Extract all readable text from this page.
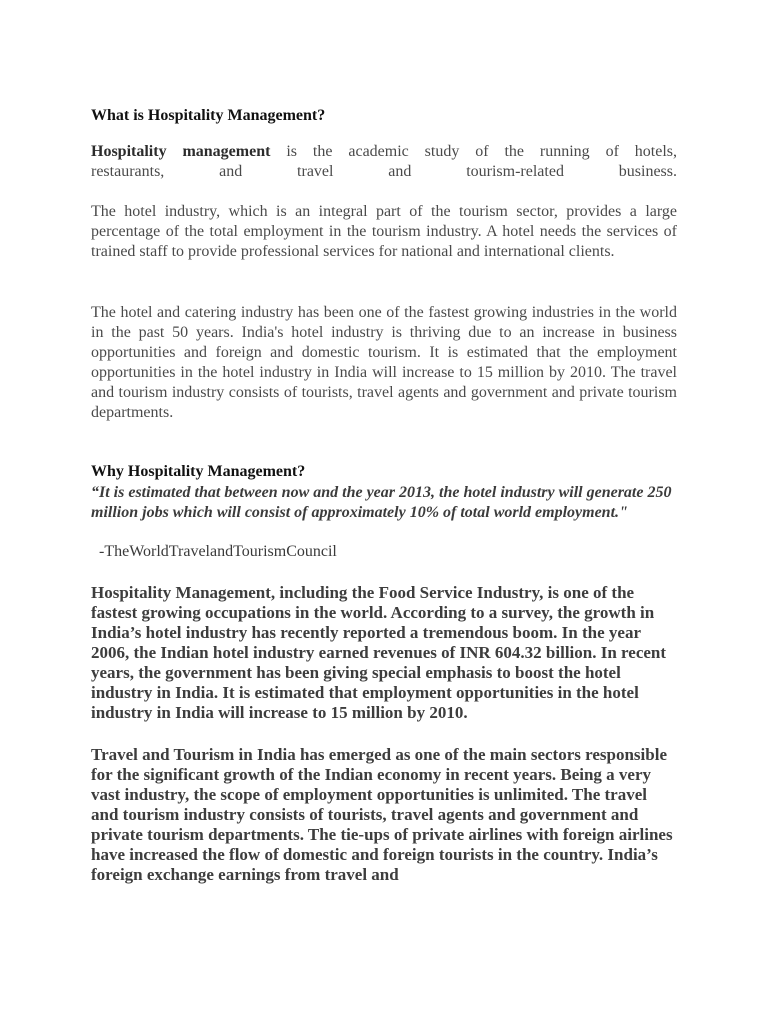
What is Hospitality Management?
Hospitality management is the academic study of the running of hotels,
restaurants, and travel and tourism-related business.
The hotel industry, which is an integral part of the tourism sector, provides a large percentage of the total employment in the tourism industry. A hotel needs the services of trained staff to provide professional services for national and international clients.
The hotel and catering industry has been one of the fastest growing industries in the world in the past 50 years. India's hotel industry is thriving due to an increase in business opportunities and foreign and domestic tourism. It is estimated that the employment opportunities in the hotel industry in India will increase to 15 million by 2010. The travel and tourism industry consists of tourists, travel agents and government and private tourism departments.
Why Hospitality Management?
“It is estimated that between now and the year 2013, the hotel industry will generate 250 million jobs which will consist of approximately 10% of total world employment."
-TheWorldTravelandTourismCouncil
Hospitality Management, including the Food Service Industry, is one of the fastest growing occupations in the world. According to a survey, the growth in India’s hotel industry has recently reported a tremendous boom. In the year 2006, the Indian hotel industry earned revenues of INR 604.32 billion. In recent years, the government has been giving special emphasis to boost the hotel industry in India. It is estimated that employment opportunities in the hotel industry in India will increase to 15 million by 2010.
Travel and Tourism in India has emerged as one of the main sectors responsible for the significant growth of the Indian economy in recent years. Being a very vast industry, the scope of employment opportunities is unlimited. The travel and tourism industry consists of tourists, travel agents and government and private tourism departments. The tie-ups of private airlines with foreign airlines have increased the flow of domestic and foreign tourists in the country. India’s foreign exchange earnings from travel and
